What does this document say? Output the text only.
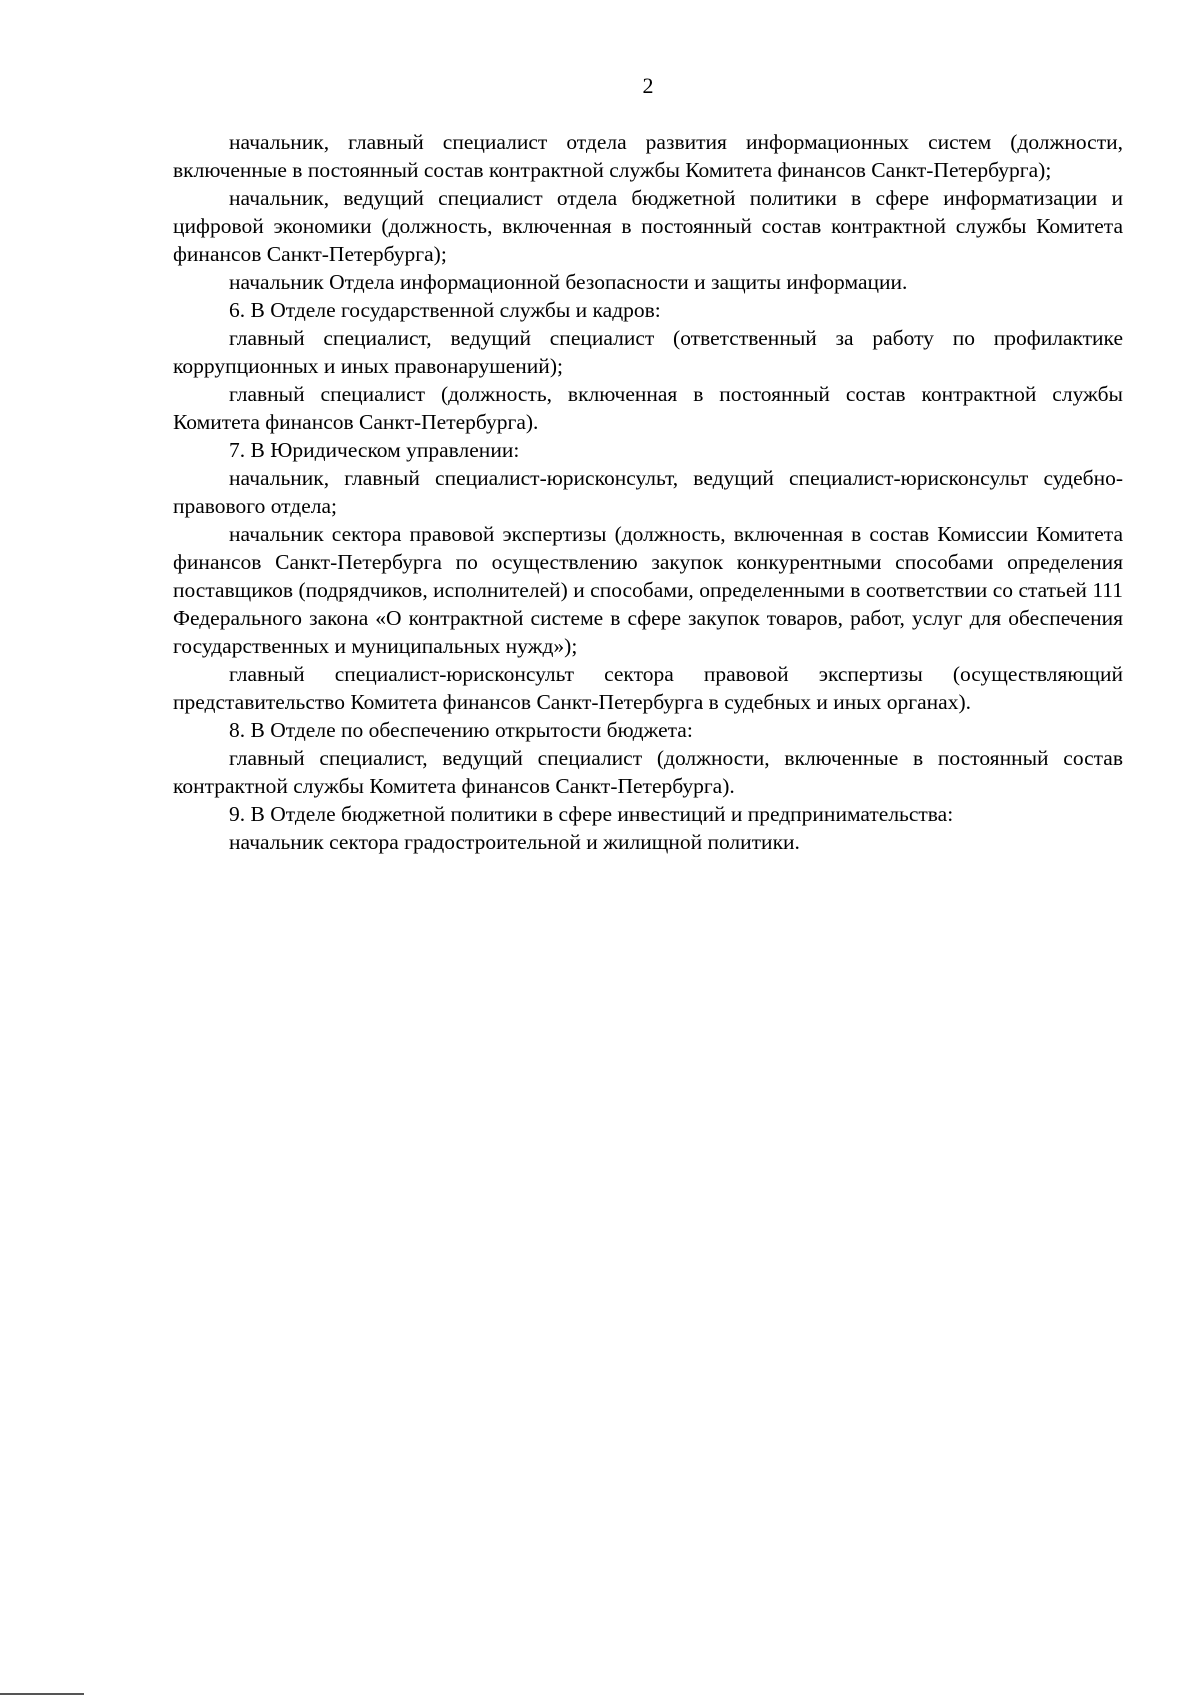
2

начальник, главный специалист отдела развития информационных систем (должности, включенные в постоянный состав контрактной службы Комитета финансов Санкт-Петербурга);

начальник, ведущий специалист отдела бюджетной политики в сфере информатизации и цифровой экономики (должность, включенная в постоянный состав контрактной службы Комитета финансов Санкт-Петербурга);

начальник Отдела информационной безопасности и защиты информации.

6. В Отделе государственной службы и кадров:

главный специалист, ведущий специалист (ответственный за работу по профилактике коррупционных и иных правонарушений);

главный специалист (должность, включенная в постоянный состав контрактной службы Комитета финансов Санкт-Петербурга).

7. В Юридическом управлении:

начальник, главный специалист-юрисконсульт, ведущий специалист-юрисконсульт судебно-правового отдела;

начальник сектора правовой экспертизы (должность, включенная в состав Комиссии Комитета финансов Санкт-Петербурга по осуществлению закупок конкурентными способами определения поставщиков (подрядчиков, исполнителей) и способами, определенными в соответствии со статьей 111 Федерального закона «О контрактной системе в сфере закупок товаров, работ, услуг для обеспечения государственных и муниципальных нужд»);

главный специалист-юрисконсульт сектора правовой экспертизы (осуществляющий представительство Комитета финансов Санкт-Петербурга в судебных и иных органах).

8. В Отделе по обеспечению открытости бюджета:

главный специалист, ведущий специалист (должности, включенные в постоянный состав контрактной службы Комитета финансов Санкт-Петербурга).

9. В Отделе бюджетной политики в сфере инвестиций и предпринимательства:

начальник сектора градостроительной и жилищной политики.
